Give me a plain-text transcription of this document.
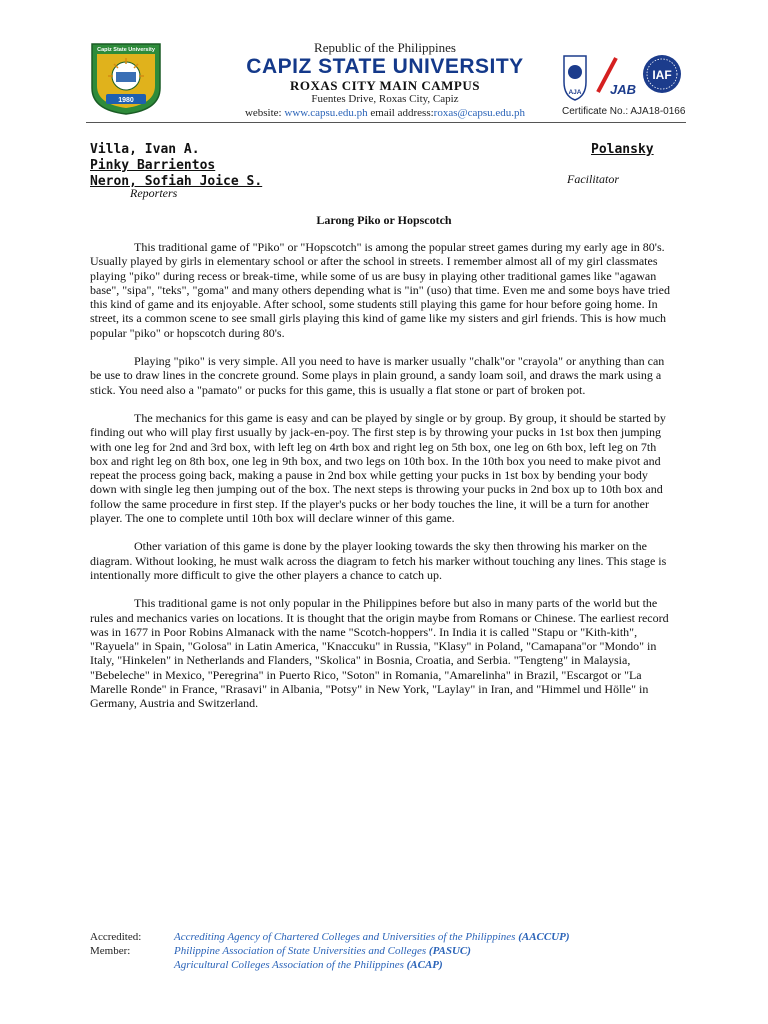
1980
Capiz State University	Republic of the Philippines
CAPIZ STATE UNIVERSITY
ROXAS CITY MAIN CAMPUS
Fuentes Drive, Roxas City, Capiz
website: www.capsu.edu.ph email address:roxas@capsu.edu.ph
AJA JAB
IAF
Certificate No.: AJA18-0166
Villa, Ivan A.
Pinky Barrientos
Neron, Sofiah Joice S.
Reporters
Polansky
Facilitator
Larong Piko or Hopscotch

This traditional game of "Piko" or "Hopscotch" is among the popular street games during my early age in 80's. Usually played by girls in elementary school or after the school in streets. I remember almost all of my girl classmates playing "piko" during recess or break-time, while some of us are busy in playing other traditional games like "agawan base", "sipa", "teks", "goma" and many others depending what is "in" (uso) that time. Even me and some boys have tried this kind of game and its enjoyable. After school, some students still playing this game for hour before going home. In street, its a common scene to see small girls playing this kind of game like my sisters and girl friends. This is how much popular "piko" or hopscotch during 80's.

Playing "piko" is very simple. All you need to have is marker usually "chalk"or "crayola" or anything than can be use to draw lines in the concrete ground. Some plays in plain ground, a sandy loam soil, and draws the mark using a stick. You need also a "pamato" or pucks for this game, this is usually a flat stone or part of broken pot.

The mechanics for this game is easy and can be played by single or by group. By group, it should be started by finding out who will play first usually by jack-en-poy. The first step is by throwing your pucks in 1st box then jumping with one leg for 2nd and 3rd box, with left leg on 4rth box and right leg on 5th box, one leg on 6th box, left leg on 7th box and right leg on 8th box, one leg in 9th box, and two legs on 10th box. In the 10th box you need to make pivot and repeat the process going back, making a pause in 2nd box while getting your pucks in 1st box by bending your body down with single leg then jumping out of the box. The next steps is throwing your pucks in 2nd box up to 10th box and follow the same procedure in first step. If the player's pucks or her body touches the line, it will be a turn for another player. The one to complete until 10th box will declare winner of this game.

Other variation of this game is done by the player looking towards the sky then throwing his marker on the diagram. Without looking, he must walk across the diagram to fetch his marker without touching any lines. This stage is intentionally more difficult to give the other players a chance to catch up.

This traditional game is not only popular in the Philippines before but also in many parts of the world but the rules and mechanics varies on locations. It is thought that the origin maybe from Romans or Chinese. The earliest record was in 1677 in Poor Robins Almanack with the name "Scotch-hoppers". In India it is called "Stapu or "Kith-kith", "Rayuela" in Spain, "Golosa" in Latin America, "Knaccuku" in Russia, "Klasy" in Poland, "Camapana"or "Mondo" in Italy, "Hinkelen" in Netherlands and Flanders, "Skolica" in Bosnia, Croatia, and Serbia. "Tengteng" in Malaysia, "Bebeleche" in Mexico, "Peregrina" in Puerto Rico, "Soton" in Romania, "Amarelinha" in Brazil, "Escargot or "La Marelle Ronde" in France, "Rrasavi" in Albania, "Potsy" in New York, "Laylay" in Iran, and "Himmel und Hölle" in Germany, Austria and Switzerland.

Accredited:	Accrediting Agency of Chartered Colleges and Universities of the Philippines (AACCUP)
Member:	Philippine Association of State Universities and Colleges (PASUC)
Agricultural Colleges Association of the Philippines (ACAP)
